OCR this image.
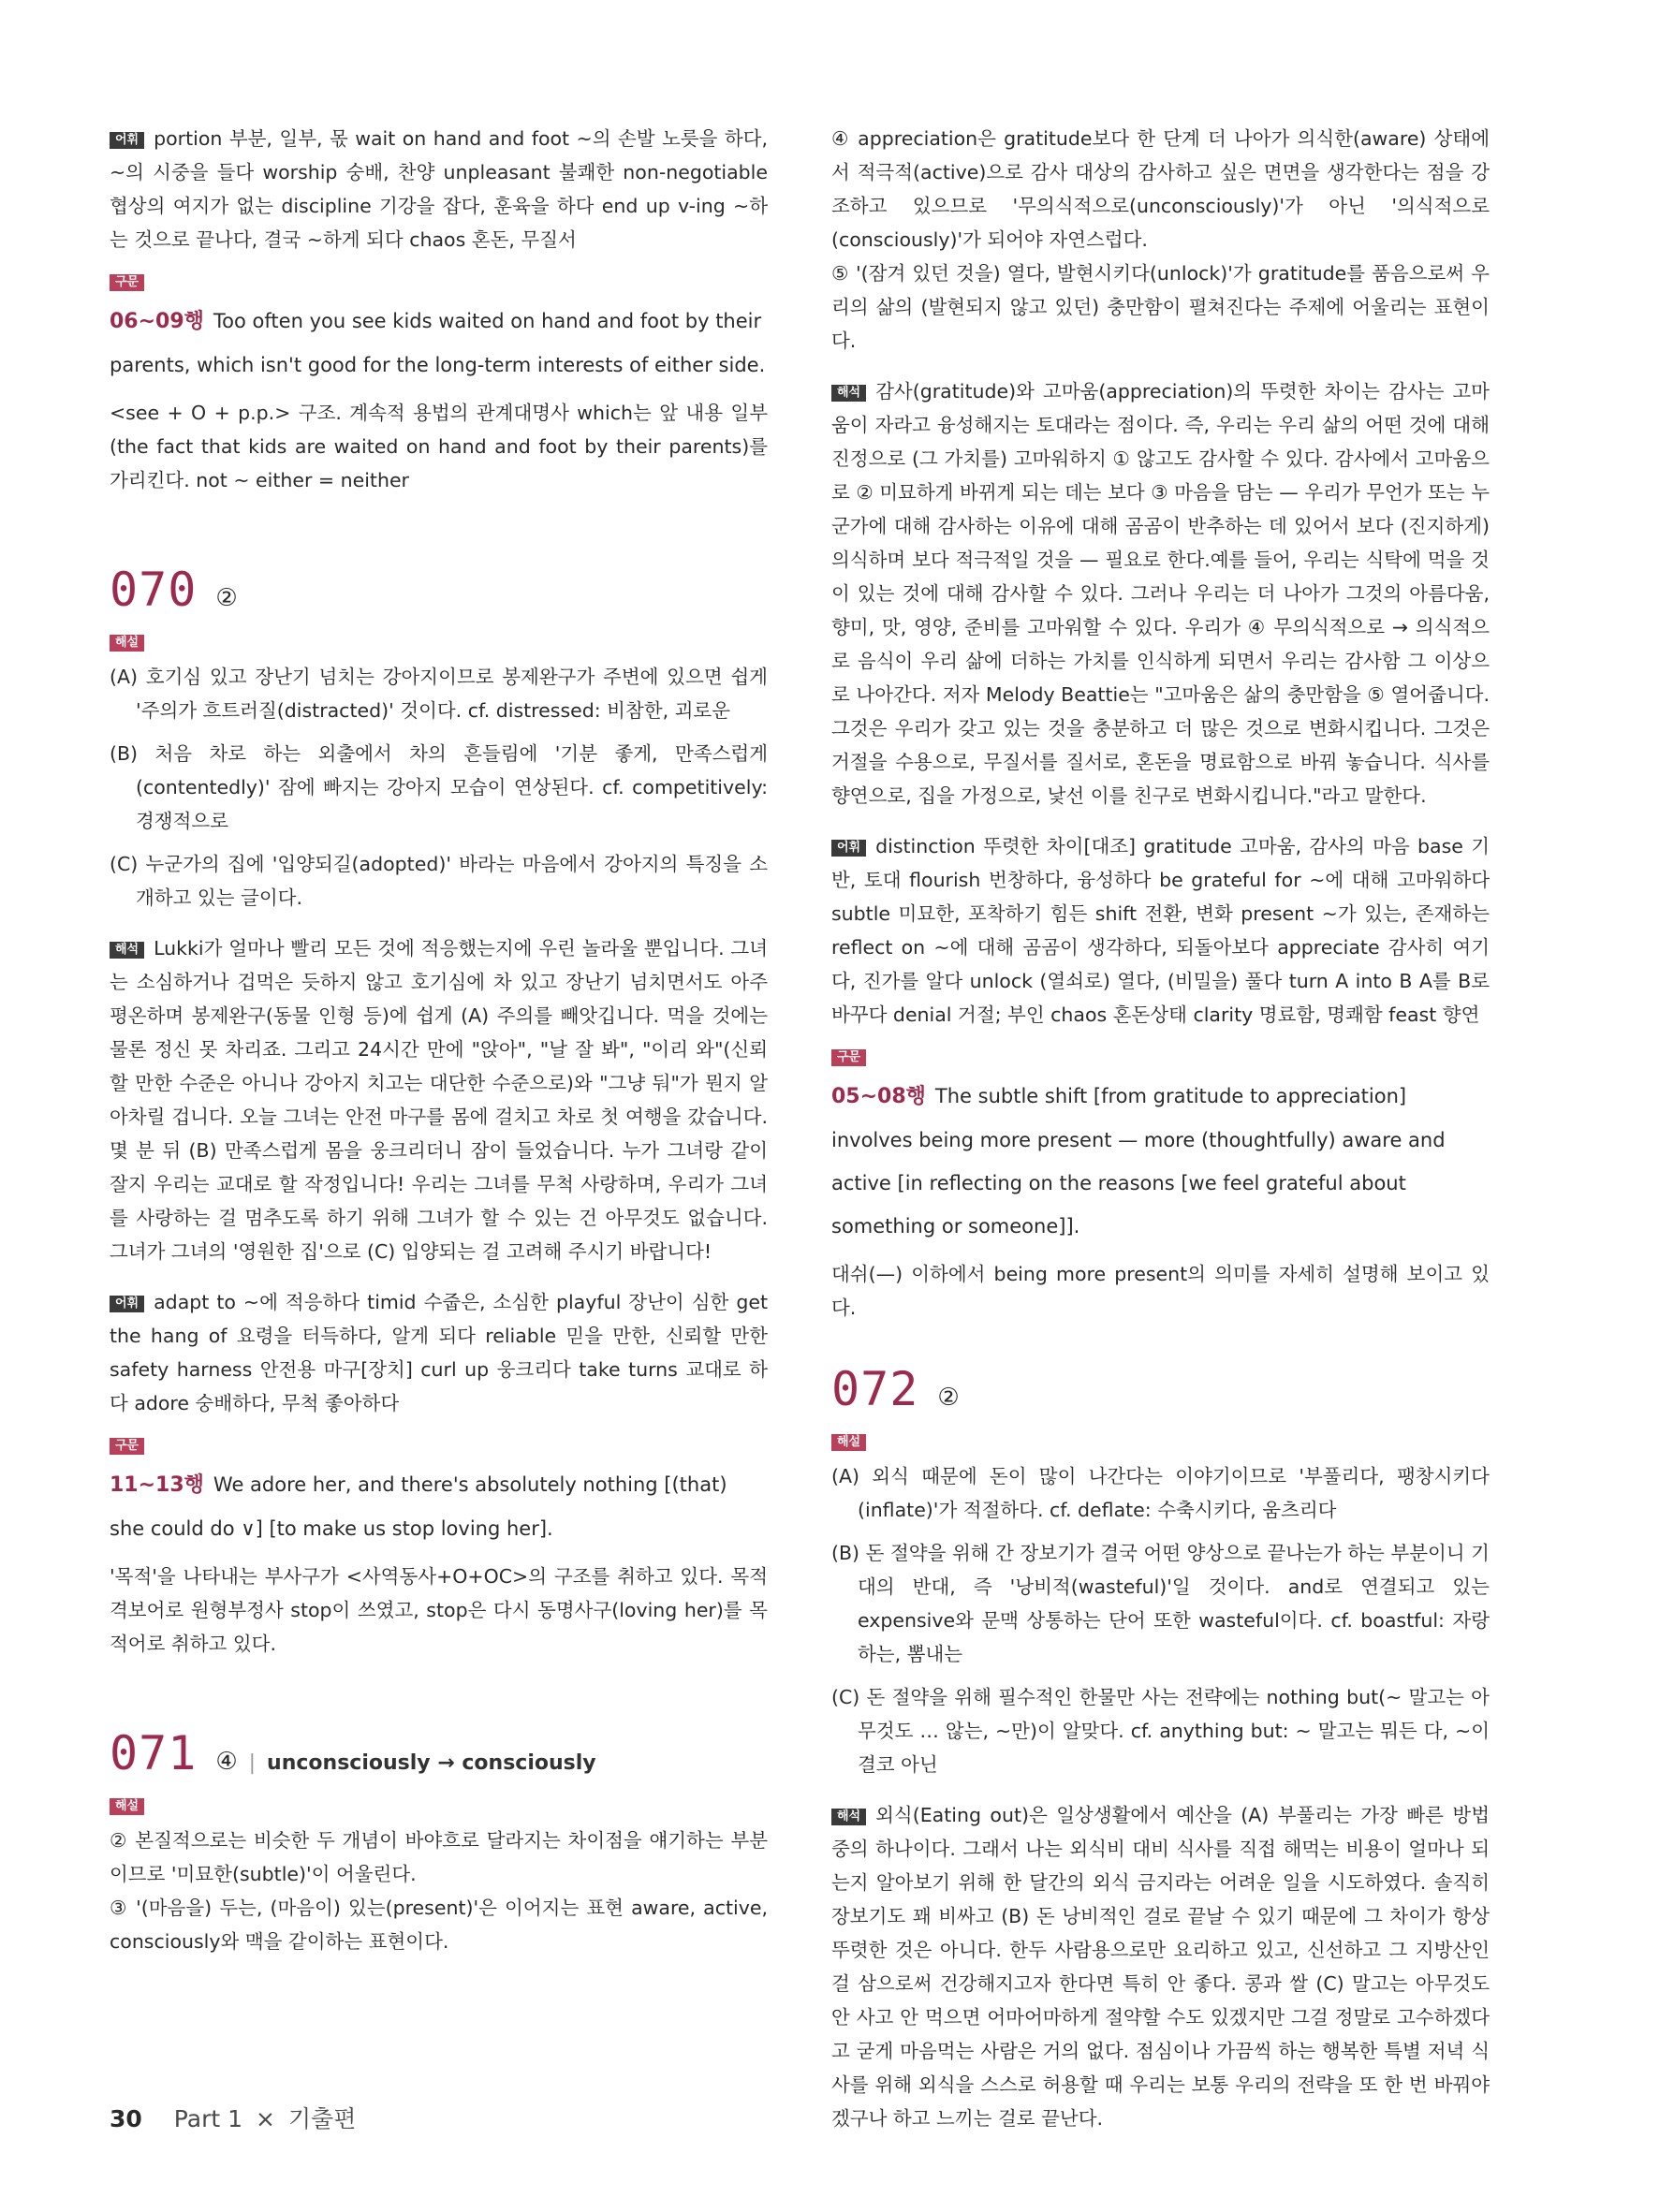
어휘 portion 부분, 일부, 몫 wait on hand and foot ~의 손발 노릇을 하다, ~의 시중을 들다 worship 숭배, 찬양 unpleasant 불쾌한 non-negotiable 협상의 여지가 없는 discipline 기강을 잡다, 훈육을 하다 end up v-ing ~하는 것으로 끝나다, 결국 ~하게 되다 chaos 혼돈, 무질서

구문

06~09행 Too often you see kids waited on hand and foot by their parents, which isn't good for the long-term interests of either side.

<see + O + p.p.> 구조. 계속적 용법의 관계대명사 which는 앞 내용 일부(the fact that kids are waited on hand and foot by their parents)를 가리킨다. not ~ either = neither

070 ②
해설

(A) 호기심 있고 장난기 넘치는 강아지이므로 봉제완구가 주변에 있으면 쉽게 '주의가 흐트러질(distracted)' 것이다. cf. distressed: 비참한, 괴로운

(B) 처음 차로 하는 외출에서 차의 흔들림에 '기분 좋게, 만족스럽게(contentedly)' 잠에 빠지는 강아지 모습이 연상된다. cf. competitively: 경쟁적으로

(C) 누군가의 집에 '입양되길(adopted)' 바라는 마음에서 강아지의 특징을 소개하고 있는 글이다.

해석 Lukki가 얼마나 빨리 모든 것에 적응했는지에 우린 놀라울 뿐입니다. 그녀는 소심하거나 겁먹은 듯하지 않고 호기심에 차 있고 장난기 넘치면서도 아주 평온하며 봉제완구(동물 인형 등)에 쉽게 (A) 주의를 빼앗깁니다. 먹을 것에는 물론 정신 못 차리죠. 그리고 24시간 만에 "앉아", "날 잘 봐", "이리 와"(신뢰할 만한 수준은 아니나 강아지 치고는 대단한 수준으로)와 "그냥 둬"가 뭔지 알아차릴 겁니다. 오늘 그녀는 안전 마구를 몸에 걸치고 차로 첫 여행을 갔습니다. 몇 분 뒤 (B) 만족스럽게 몸을 웅크리더니 잠이 들었습니다. 누가 그녀랑 같이 잘지 우리는 교대로 할 작정입니다! 우리는 그녀를 무척 사랑하며, 우리가 그녀를 사랑하는 걸 멈추도록 하기 위해 그녀가 할 수 있는 건 아무것도 없습니다. 그녀가 그녀의 '영원한 집'으로 (C) 입양되는 걸 고려해 주시기 바랍니다!

어휘 adapt to ~에 적응하다 timid 수줍은, 소심한 playful 장난이 심한 get the hang of 요령을 터득하다, 알게 되다 reliable 믿을 만한, 신뢰할 만한 safety harness 안전용 마구[장치] curl up 웅크리다 take turns 교대로 하다 adore 숭배하다, 무척 좋아하다

구문

11~13행 We adore her, and there's absolutely nothing [(that) she could do ∨] [to make us stop loving her].

'목적'을 나타내는 부사구가 <사역동사+O+OC>의 구조를 취하고 있다. 목적격보어로 원형부정사 stop이 쓰였고, stop은 다시 동명사구(loving her)를 목적어로 취하고 있다.

071 ④ | unconsciously → consciously
해설

② 본질적으로는 비슷한 두 개념이 바야흐로 달라지는 차이점을 얘기하는 부분이므로 '미묘한(subtle)'이 어울린다.

③ '(마음을) 두는, (마음이) 있는(present)'은 이어지는 표현 aware, active, consciously와 맥을 같이하는 표현이다.

④ appreciation은 gratitude보다 한 단계 더 나아가 의식한(aware) 상태에서 적극적(active)으로 감사 대상의 감사하고 싶은 면면을 생각한다는 점을 강조하고 있으므로 '무의식적으로(unconsciously)'가 아닌 '의식적으로(consciously)'가 되어야 자연스럽다.

⑤ '(잠겨 있던 것을) 열다, 발현시키다(unlock)'가 gratitude를 품음으로써 우리의 삶의 (발현되지 않고 있던) 충만함이 펼쳐진다는 주제에 어울리는 표현이다.

해석 감사(gratitude)와 고마움(appreciation)의 뚜렷한 차이는 감사는 고마움이 자라고 융성해지는 토대라는 점이다. 즉, 우리는 우리 삶의 어떤 것에 대해 진정으로 (그 가치를) 고마워하지 ① 않고도 감사할 수 있다. 감사에서 고마움으로 ② 미묘하게 바뀌게 되는 데는 보다 ③ 마음을 담는 — 우리가 무언가 또는 누군가에 대해 감사하는 이유에 대해 곰곰이 반추하는 데 있어서 보다 (진지하게) 의식하며 보다 적극적일 것을 — 필요로 한다.예를 들어, 우리는 식탁에 먹을 것이 있는 것에 대해 감사할 수 있다. 그러나 우리는 더 나아가 그것의 아름다움, 향미, 맛, 영양, 준비를 고마워할 수 있다. 우리가 ④ 무의식적으로 → 의식적으로 음식이 우리 삶에 더하는 가치를 인식하게 되면서 우리는 감사함 그 이상으로 나아간다. 저자 Melody Beattie는 "고마움은 삶의 충만함을 ⑤ 열어줍니다. 그것은 우리가 갖고 있는 것을 충분하고 더 많은 것으로 변화시킵니다. 그것은 거절을 수용으로, 무질서를 질서로, 혼돈을 명료함으로 바꿔 놓습니다. 식사를 향연으로, 집을 가정으로, 낯선 이를 친구로 변화시킵니다."라고 말한다.

어휘 distinction 뚜렷한 차이[대조] gratitude 고마움, 감사의 마음 base 기반, 토대 flourish 번창하다, 융성하다 be grateful for ~에 대해 고마워하다 subtle 미묘한, 포착하기 힘든 shift 전환, 변화 present ~가 있는, 존재하는 reflect on ~에 대해 곰곰이 생각하다, 되돌아보다 appreciate 감사히 여기다, 진가를 알다 unlock (열쇠로) 열다, (비밀을) 풀다 turn A into B A를 B로 바꾸다 denial 거절; 부인 chaos 혼돈상태 clarity 명료함, 명쾌함 feast 향연

구문

05~08행 The subtle shift [from gratitude to appreciation] involves being more present — more (thoughtfully) aware and active [in reflecting on the reasons [we feel grateful about something or someone]].

대쉬(—) 이하에서 being more present의 의미를 자세히 설명해 보이고 있다.

072 ②
해설

(A) 외식 때문에 돈이 많이 나간다는 이야기이므로 '부풀리다, 팽창시키다(inflate)'가 적절하다. cf. deflate: 수축시키다, 움츠리다

(B) 돈 절약을 위해 간 장보기가 결국 어떤 양상으로 끝나는가 하는 부분이니 기대의 반대, 즉 '낭비적(wasteful)'일 것이다. and로 연결되고 있는 expensive와 문맥 상통하는 단어 또한 wasteful이다. cf. boastful: 자랑하는, 뽐내는

(C) 돈 절약을 위해 필수적인 한물만 사는 전략에는 nothing but(~ 말고는 아무것도 … 않는, ~만)이 알맞다. cf. anything but: ~ 말고는 뭐든 다, ~이 결코 아닌

해석 외식(Eating out)은 일상생활에서 예산을 (A) 부풀리는 가장 빠른 방법 중의 하나이다. 그래서 나는 외식비 대비 식사를 직접 해먹는 비용이 얼마나 되는지 알아보기 위해 한 달간의 외식 금지라는 어려운 일을 시도하였다. 솔직히 장보기도 꽤 비싸고 (B) 돈 낭비적인 걸로 끝날 수 있기 때문에 그 차이가 항상 뚜렷한 것은 아니다. 한두 사람용으로만 요리하고 있고, 신선하고 그 지방산인 걸 삼으로써 건강해지고자 한다면 특히 안 좋다. 콩과 쌀 (C) 말고는 아무것도 안 사고 안 먹으면 어마어마하게 절약할 수도 있겠지만 그걸 정말로 고수하겠다고 굳게 마음먹는 사람은 거의 없다. 점심이나 가끔씩 하는 행복한 특별 저녁 식사를 위해 외식을 스스로 허용할 때 우리는 보통 우리의 전략을 또 한 번 바꿔야겠구나 하고 느끼는 걸로 끝난다.

30 Part 1 × 기출편
